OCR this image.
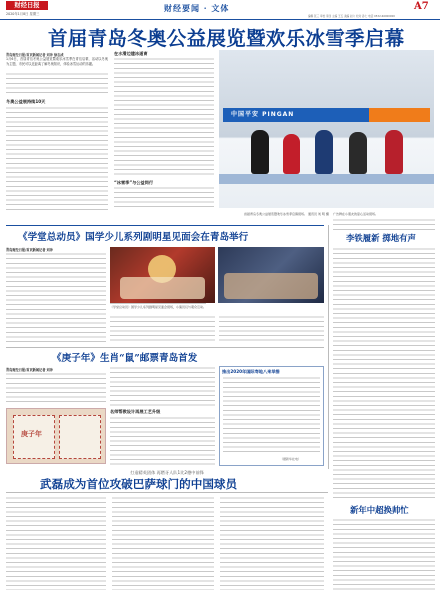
财经日报
2020年1月8日 星期三
财经要闻 · 文体	A7
编辑 张三 审校 李四 主编 王五 美编 赵六 校对 孙七 电话 0532-66000000
首届青岛冬奥公益展览暨欢乐冰雪季启幕
青岛财经日报/首页新闻记者 刘冲 徐志成
1月6日，首届青岛冬奥公益展览暨欢乐冰雪季在青岛启幕，活动以冬奥为主题，市民可以近距离了解冬奥知识，体验冰雪运动的乐趣。
冬奥公益展持续10天
在水滑边建冰道育
“冰雪季”与公益同行
中国平安 PINGAN
首届青岛冬奥公益展览暨欢乐冰雪季启幕现场。 通讯员 刘 明 摄
《学堂总动员》国学少儿系列剧明星见面会在青岛举行
青岛财经日报/首页新闻记者 刘冲
《学堂总动员》国学少儿系列剧明星见面会现场，小演员们与观众互动。
《庚子年》生肖“鼠”邮票青岛首发
青岛财经日报/首页新闻记者 刘冲
庚子年
名师帮教设计再展工艺升级
推出2020年国际寿地八来举措
（据新华社电）
广告牌在小朋友的爱心活动现场。
李铁履新 掷地有声
新年中超换帅忙
打造精英团体 再燃牙人队1比2德中前锋
武磊成为首位攻破巴萨球门的中国球员
